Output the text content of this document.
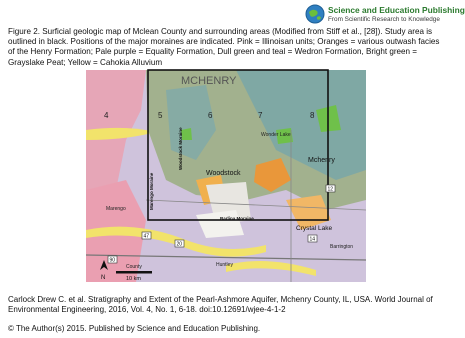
Science and Education Publishing
From Scientific Research to Knowledge

Figure 2. Surficial geologic map of Mclean County and surrounding areas (Modified from Stiff et al., [28]). Study area is outlined in black. Positions of the major moraines are indicated. Pink = Illinoisan units; Oranges = various outwash facies of the Henry Formation; Pale purple = Equality Formation, Dull green and teal = Wedron Formation, Bright green = Grayslake Peat; Yellow = Cahokia Alluvium

MCHENRY
4	5	6	7	8
Woodstock Moraine
Marengo Moraine
Barlina Moraine
Woodstock
Mchenry
Crystal Lake
Wonder Lake
Marengo
Barrington
Huntley
County
47
12
14
20
90
N	10 km

Carlock Drew C. et al. Stratigraphy and Extent of the Pearl-Ashmore Aquifer, Mchenry County, IL, USA. World Journal of Environmental Engineering, 2016, Vol. 4, No. 1, 6-18. doi:10.12691/wjee-4-1-2

© The Author(s) 2015. Published by Science and Education Publishing.
